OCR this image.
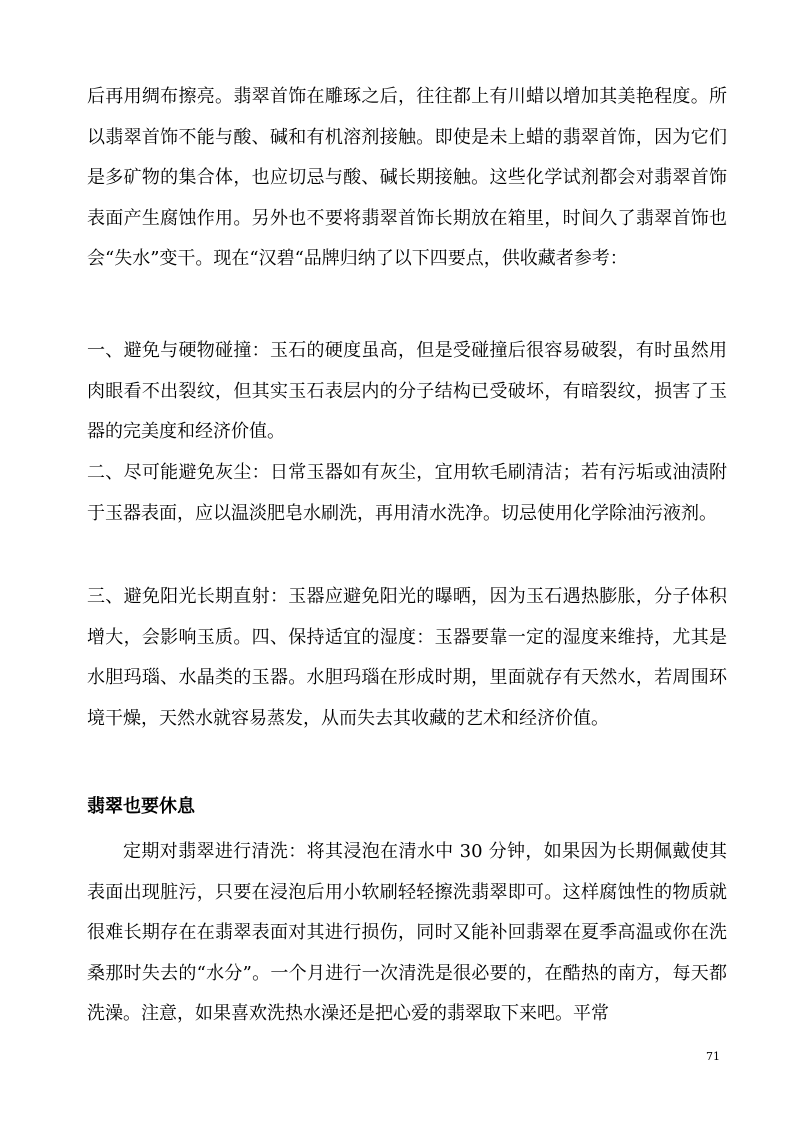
后再用绸布擦亮。翡翠首饰在雕琢之后，往往都上有川蜡以增加其美艳程度。所以翡翠首饰不能与酸、碱和有机溶剂接触。即使是未上蜡的翡翠首饰，因为它们是多矿物的集合体，也应切忌与酸、碱长期接触。这些化学试剂都会对翡翠首饰表面产生腐蚀作用。另外也不要将翡翠首饰长期放在箱里，时间久了翡翠首饰也会“失水”变干。现在“汉碧“品牌归纳了以下四要点，供收藏者参考：

一、避免与硬物碰撞：玉石的硬度虽高，但是受碰撞后很容易破裂，有时虽然用肉眼看不出裂纹，但其实玉石表层内的分子结构已受破坏，有暗裂纹，损害了玉器的完美度和经济价值。

二、尽可能避免灰尘：日常玉器如有灰尘，宜用软毛刷清洁；若有污垢或油渍附于玉器表面，应以温淡肥皂水刷洗，再用清水洗净。切忌使用化学除油污液剂。

三、避免阳光长期直射：玉器应避免阳光的曝晒，因为玉石遇热膨胀，分子体积增大，会影响玉质。四、保持适宜的湿度：玉器要靠一定的湿度来维持，尤其是水胆玛瑙、水晶类的玉器。水胆玛瑙在形成时期，里面就存有天然水，若周围环境干燥，天然水就容易蒸发，从而失去其收藏的艺术和经济价值。

翡翠也要休息

定期对翡翠进行清洗：将其浸泡在清水中 30 分钟，如果因为长期佩戴使其表面出现脏污，只要在浸泡后用小软刷轻轻擦洗翡翠即可。这样腐蚀性的物质就很难长期存在在翡翠表面对其进行损伤，同时又能补回翡翠在夏季高温或你在洗桑那时失去的“水分”。一个月进行一次清洗是很必要的，在酷热的南方，每天都洗澡。注意，如果喜欢洗热水澡还是把心爱的翡翠取下来吧。平常

71
